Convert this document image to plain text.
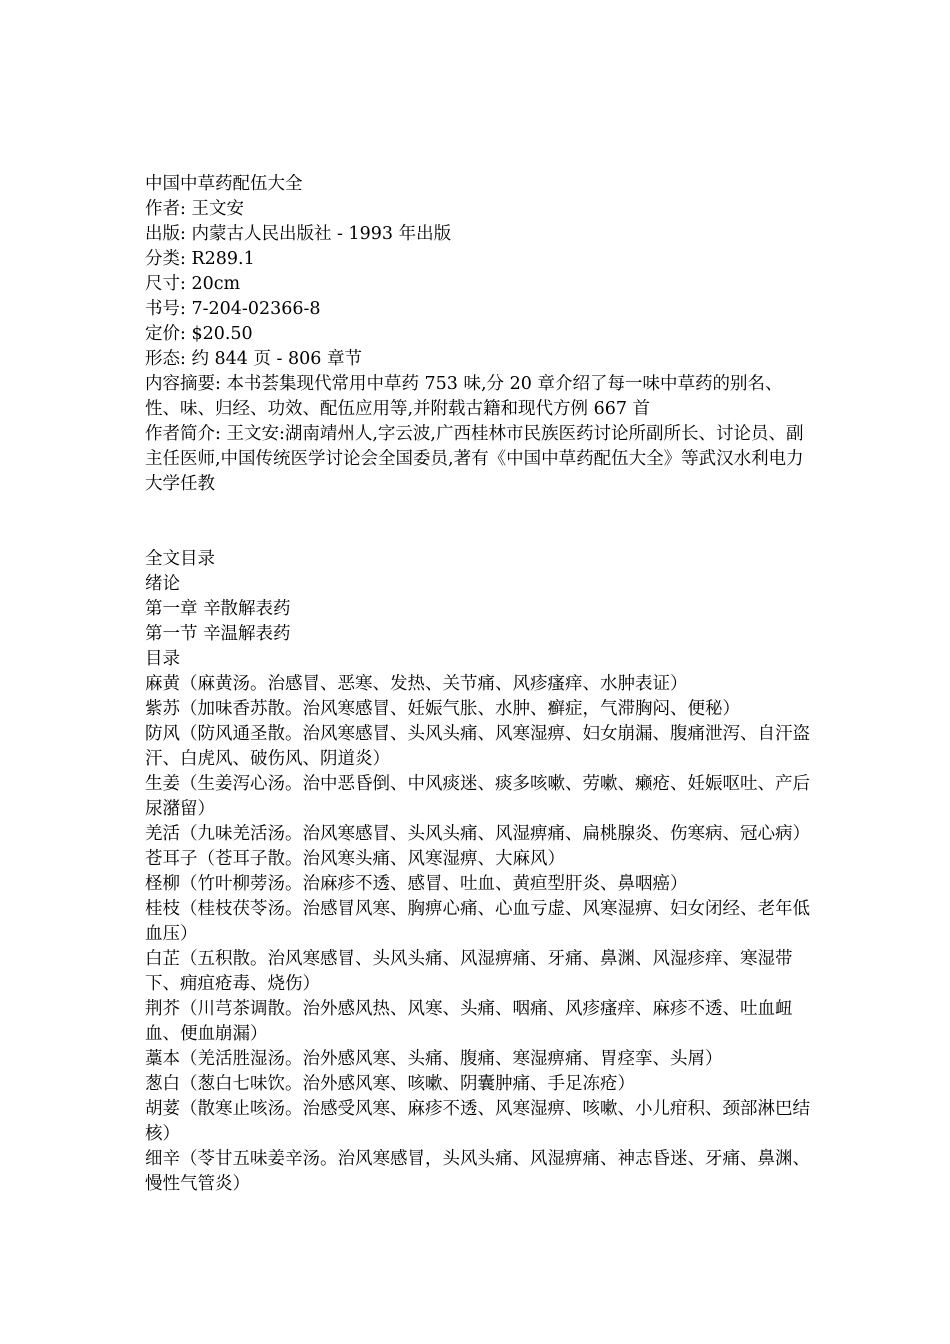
中国中草药配伍大全

作者: 王文安

出版: 内蒙古人民出版社 - 1993 年出版

分类: R289.1

尺寸: 20cm

书号: 7-204-02366-8

定价: $20.50

形态: 约 844 页 - 806 章节

内容摘要: 本书荟集现代常用中草药 753 味,分 20 章介绍了每一味中草药的别名、性、味、归经、功效、配伍应用等,并附载古籍和现代方例 667 首

作者简介: 王文安:湖南靖州人,字云波,广西桂林市民族医药讨论所副所长、讨论员、副主任医师,中国传统医学讨论会全国委员,著有《中国中草药配伍大全》等武汉水利电力大学任教

全文目录

绪论

第一章 辛散解表药

第一节 辛温解表药

目录

麻黄（麻黄汤。治感冒、恶寒、发热、关节痛、风疹瘙痒、水肿表证）

紫苏（加味香苏散。治风寒感冒、妊娠气胀、水肿、癣症，气滞胸闷、便秘）

防风（防风通圣散。治风寒感冒、头风头痛、风寒湿痹、妇女崩漏、腹痛泄泻、自汗盗汗、白虎风、破伤风、阴道炎）

生姜（生姜泻心汤。治中恶昏倒、中风痰迷、痰多咳嗽、劳嗽、癞疮、妊娠呕吐、产后尿潴留）

羌活（九味羌活汤。治风寒感冒、头风头痛、风湿痹痛、扁桃腺炎、伤寒病、冠心病）

苍耳子（苍耳子散。治风寒头痛、风寒湿痹、大麻风）

柽柳（竹叶柳蒡汤。治麻疹不透、感冒、吐血、黄疸型肝炎、鼻咽癌）

桂枝（桂枝茯苓汤。治感冒风寒、胸痹心痛、心血亏虚、风寒湿痹、妇女闭经、老年低血压）

白芷（五积散。治风寒感冒、头风头痛、风湿痹痛、牙痛、鼻渊、风湿疹痒、寒湿带下、痈疽疮毒、烧伤）

荆芥（川芎茶调散。治外感风热、风寒、头痛、咽痛、风疹瘙痒、麻疹不透、吐血衄血、便血崩漏）

藁本（羌活胜湿汤。治外感风寒、头痛、腹痛、寒湿痹痛、胃痉挛、头屑）

葱白（葱白七味饮。治外感风寒、咳嗽、阴囊肿痛、手足冻疮）

胡荽（散寒止咳汤。治感受风寒、麻疹不透、风寒湿痹、咳嗽、小儿疳积、颈部淋巴结核）

细辛（苓甘五味姜辛汤。治风寒感冒，头风头痛、风湿痹痛、神志昏迷、牙痛、鼻渊、慢性气管炎）
